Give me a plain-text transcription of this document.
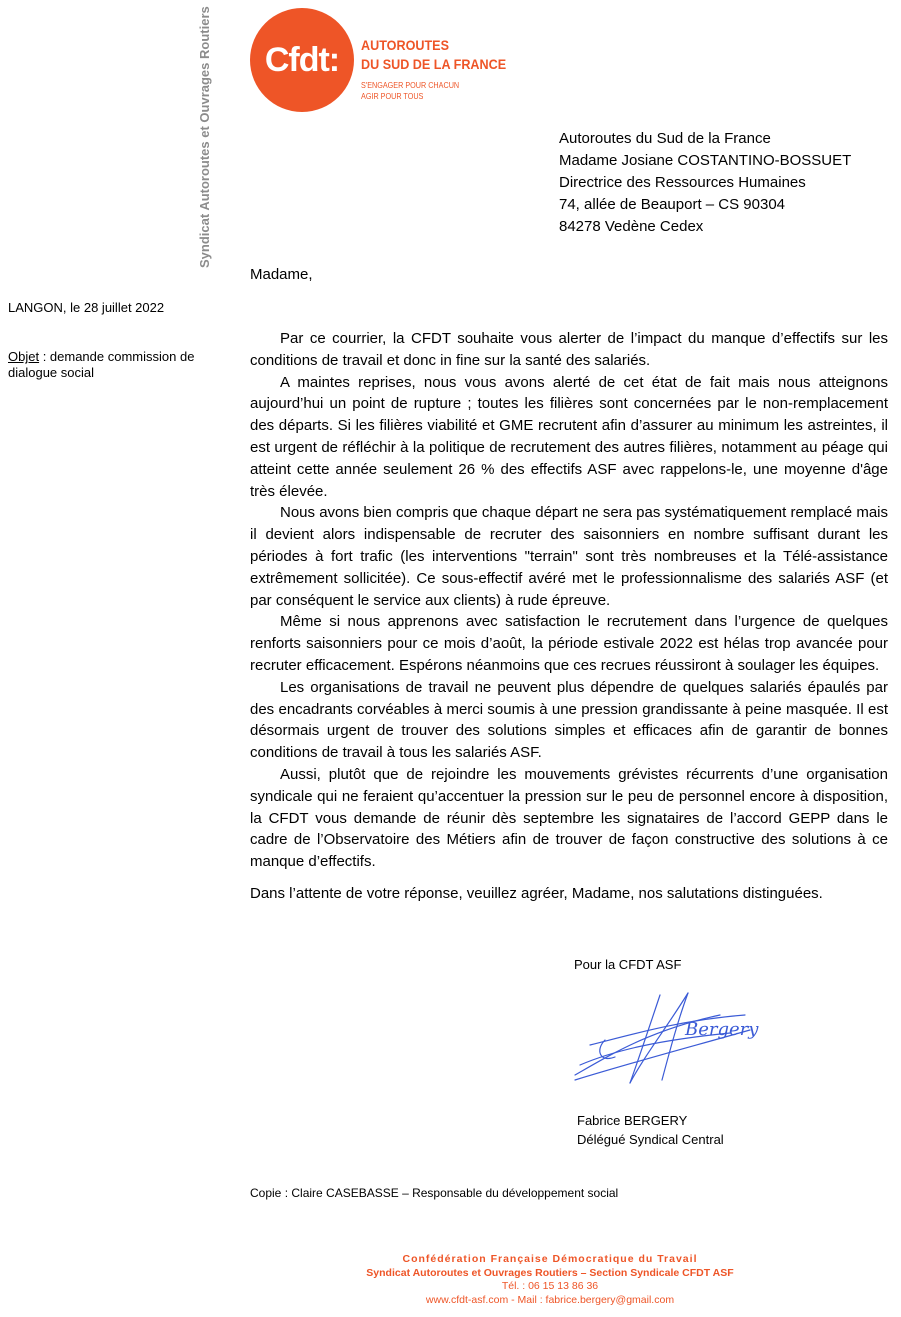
Syndicat Autoroutes et Ouvrages Routiers	Cfdt:	AUTOROUTES
DU SUD DE LA FRANCE
S'ENGAGER POUR CHACUN
AGIR POUR TOUS
Autoroutes du Sud de la France
Madame Josiane COSTANTINO-BOSSUET
Directrice des Ressources Humaines
74, allée de Beauport – CS 90304
84278 Vedène Cedex
Madame,
LANGON, le 28 juillet 2022
Objet : demande commission de dialogue social

Par ce courrier, la CFDT souhaite vous alerter de l’impact du manque d’effectifs sur les conditions de travail et donc in fine sur la santé des salariés.

A maintes reprises, nous vous avons alerté de cet état de fait mais nous atteignons aujourd’hui un point de rupture ; toutes les filières sont concernées par le non-remplacement des départs. Si les filières viabilité et GME recrutent afin d’assurer au minimum les astreintes, il est urgent de réfléchir à la politique de recrutement des autres filières, notamment au péage qui atteint cette année seulement 26 % des effectifs ASF avec rappelons-le, une moyenne d'âge très élevée.

Nous avons bien compris que chaque départ ne sera pas systématiquement remplacé mais il devient alors indispensable de recruter des saisonniers en nombre suffisant durant les périodes à fort trafic (les interventions "terrain" sont très nombreuses et la Télé-assistance extrêmement sollicitée). Ce sous-effectif avéré met le professionnalisme des salariés ASF (et par conséquent le service aux clients) à rude épreuve.

Même si nous apprenons avec satisfaction le recrutement dans l’urgence de quelques renforts saisonniers pour ce mois d’août, la période estivale 2022 est hélas trop avancée pour recruter efficacement. Espérons néanmoins que ces recrues réussiront à soulager les équipes.

Les organisations de travail ne peuvent plus dépendre de quelques salariés épaulés par des encadrants corvéables à merci soumis à une pression grandissante à peine masquée. Il est désormais urgent de trouver des solutions simples et efficaces afin de garantir de bonnes conditions de travail à tous les salariés ASF.

Aussi, plutôt que de rejoindre les mouvements grévistes récurrents d’une organisation syndicale qui ne feraient qu’accentuer la pression sur le peu de personnel encore à disposition, la CFDT vous demande de réunir dès septembre les signataires de l’accord GEPP dans le cadre de l’Observatoire des Métiers afin de trouver de façon constructive des solutions à ce manque d’effectifs.

Dans l’attente de votre réponse, veuillez agréer, Madame, nos salutations distinguées.

Pour la CFDT ASF
Bergery
Fabrice BERGERY
Délégué Syndical Central
Copie : Claire CASEBASSE – Responsable du développement social
Confédération Française Démocratique du Travail
Syndicat Autoroutes et Ouvrages Routiers – Section Syndicale CFDT ASF
Tél. : 06 15 13 86 36
www.cfdt-asf.com - Mail : fabrice.bergery@gmail.com
